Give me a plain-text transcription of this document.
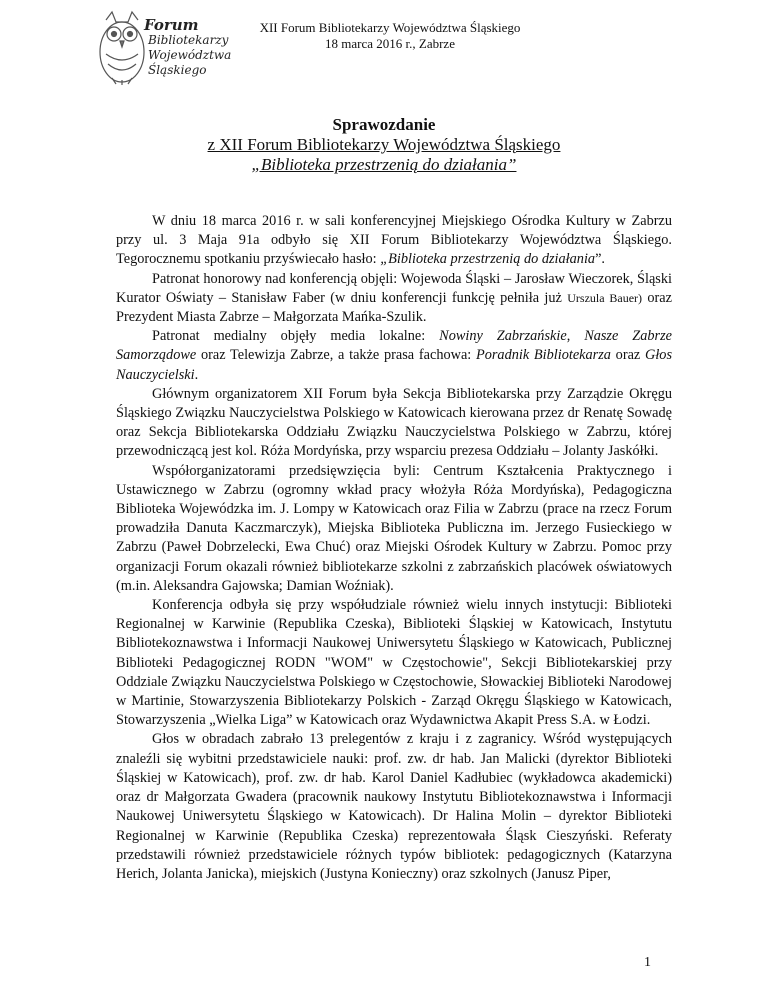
Forum
Bibliotekarzy
Województwa
Śląskiego
XII Forum Bibliotekarzy Województwa Śląskiego
18 marca 2016 r., Zabrze
Sprawozdanie
z XII Forum Bibliotekarzy Województwa Śląskiego
„Biblioteka przestrzenią do działania”

W dniu 18 marca 2016 r. w sali konferencyjnej Miejskiego Ośrodka Kultury w Zabrzu przy ul. 3 Maja 91a odbyło się XII Forum Bibliotekarzy Województwa Śląskiego. Tegorocznemu spotkaniu przyświecało hasło: „Biblioteka przestrzenią do działania”.

Patronat honorowy nad konferencją objęli: Wojewoda Śląski – Jarosław Wieczorek, Śląski Kurator Oświaty – Stanisław Faber (w dniu konferencji funkcję pełniła już Urszula Bauer) oraz Prezydent Miasta Zabrze – Małgorzata Mańka-Szulik.

Patronat medialny objęły media lokalne: Nowiny Zabrzańskie, Nasze Zabrze Samorządowe oraz Telewizja Zabrze, a także prasa fachowa: Poradnik Bibliotekarza oraz Głos Nauczycielski.

Głównym organizatorem XII Forum była Sekcja Bibliotekarska przy Zarządzie Okręgu Śląskiego Związku Nauczycielstwa Polskiego w Katowicach kierowana przez dr Renatę Sowadę oraz Sekcja Bibliotekarska Oddziału Związku Nauczycielstwa Polskiego w Zabrzu, której przewodniczącą jest kol. Róża Mordyńska, przy wsparciu prezesa Oddziału – Jolanty Jaskółki.

Współorganizatorami przedsięwzięcia byli: Centrum Kształcenia Praktycznego i Ustawicznego w Zabrzu (ogromny wkład pracy włożyła Róża Mordyńska), Pedagogiczna Biblioteka Wojewódzka im. J. Lompy w Katowicach oraz Filia w Zabrzu (prace na rzecz Forum prowadziła Danuta Kaczmarczyk), Miejska Biblioteka Publiczna im. Jerzego Fusieckiego w Zabrzu (Paweł Dobrzelecki, Ewa Chuć) oraz Miejski Ośrodek Kultury w Zabrzu. Pomoc przy organizacji Forum okazali również bibliotekarze szkolni z zabrzańskich placówek oświatowych (m.in. Aleksandra Gajowska; Damian Woźniak).

Konferencja odbyła się przy współudziale również wielu innych instytucji: Biblioteki Regionalnej w Karwinie (Republika Czeska), Biblioteki Śląskiej w Katowicach, Instytutu Bibliotekoznawstwa i Informacji Naukowej Uniwersytetu Śląskiego w Katowicach, Publicznej Biblioteki Pedagogicznej RODN "WOM" w Częstochowie", Sekcji Bibliotekarskiej przy Oddziale Związku Nauczycielstwa Polskiego w Częstochowie, Słowackiej Biblioteki Narodowej w Martinie, Stowarzyszenia Bibliotekarzy Polskich - Zarząd Okręgu Śląskiego w Katowicach, Stowarzyszenia „Wielka Liga” w Katowicach oraz Wydawnictwa Akapit Press S.A. w Łodzi.

Głos w obradach zabrało 13 prelegentów z kraju i z zagranicy. Wśród występujących znaleźli się wybitni przedstawiciele nauki: prof. zw. dr hab. Jan Malicki (dyrektor Biblioteki Śląskiej w Katowicach), prof. zw. dr hab. Karol Daniel Kadłubiec (wykładowca akademicki) oraz dr Małgorzata Gwadera (pracownik naukowy Instytutu Bibliotekoznawstwa i Informacji Naukowej Uniwersytetu Śląskiego w Katowicach). Dr Halina Molin – dyrektor Biblioteki Regionalnej w Karwinie (Republika Czeska) reprezentowała Śląsk Cieszyński. Referaty przedstawili również przedstawiciele różnych typów bibliotek: pedagogicznych (Katarzyna Herich, Jolanta Janicka), miejskich (Justyna Konieczny) oraz szkolnych (Janusz Piper,

1
